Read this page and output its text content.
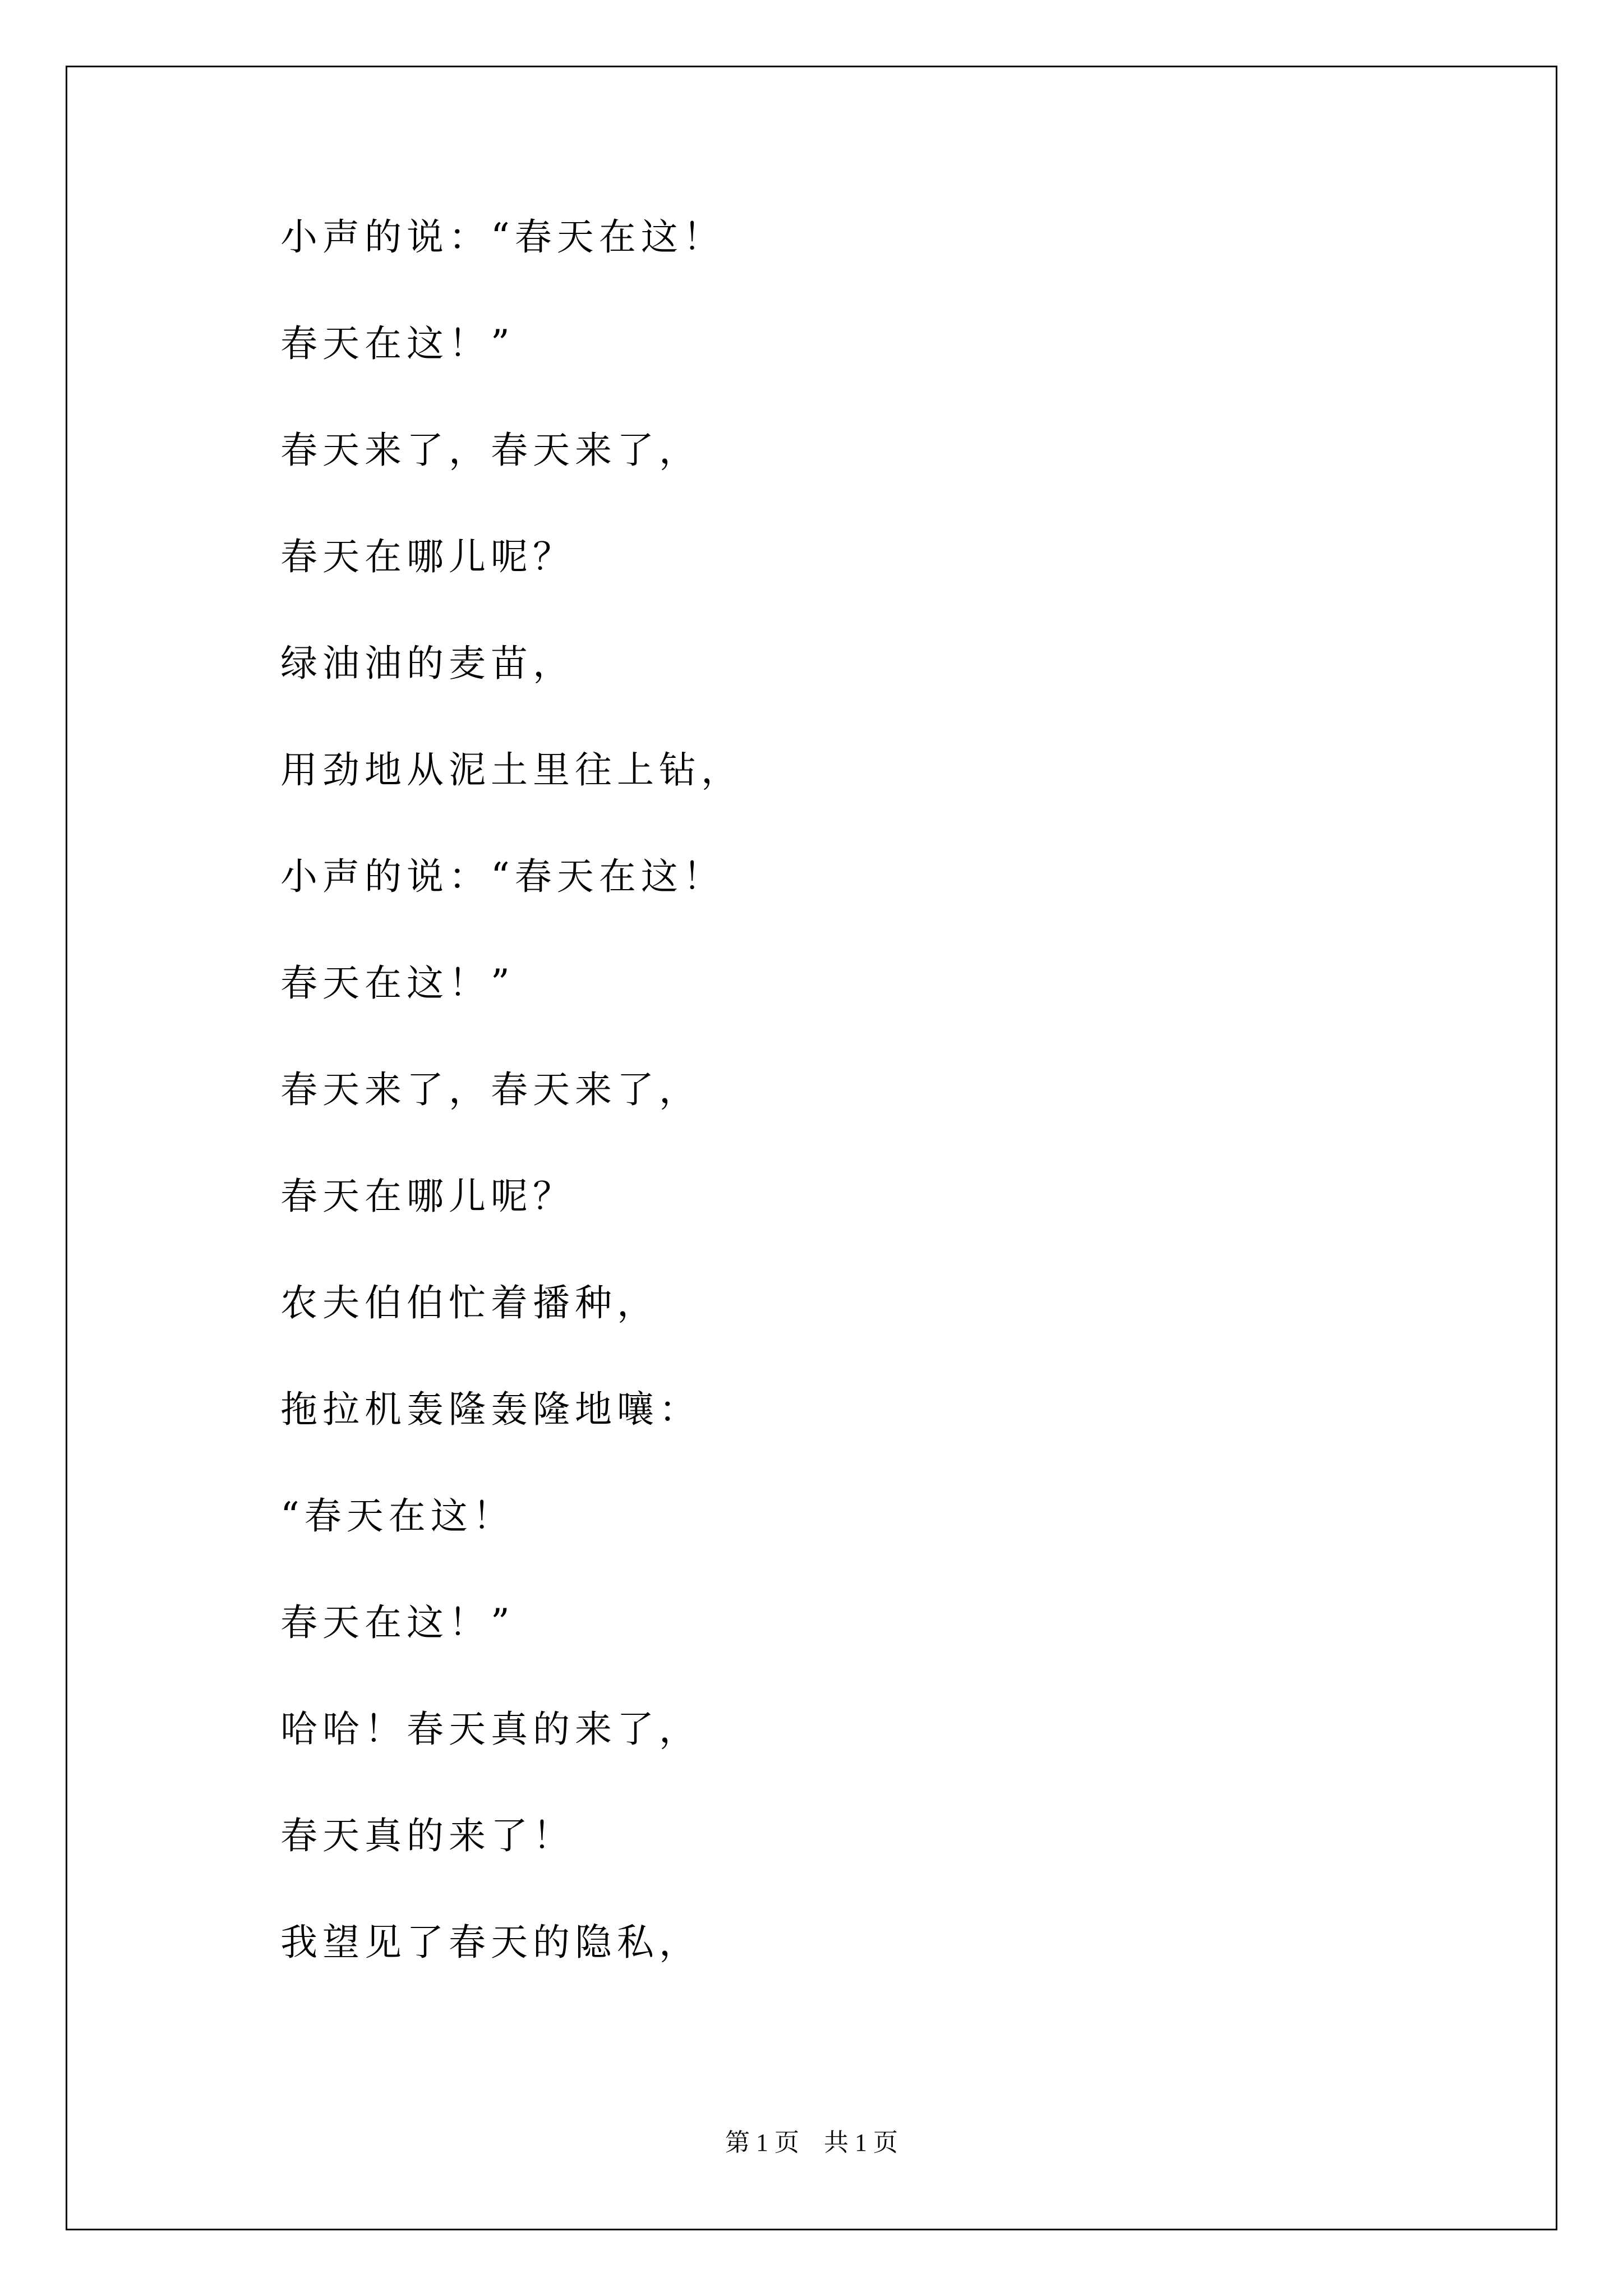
小声的说：“春天在这！
春天在这！”
春天来了，春天来了，
春天在哪儿呢？
绿油油的麦苗，
用劲地从泥土里往上钻，
小声的说：“春天在这！
春天在这！”
春天来了，春天来了，
春天在哪儿呢？
农夫伯伯忙着播种，
拖拉机轰隆轰隆地嚷：
“春天在这！
春天在这！”
哈哈！春天真的来了，
春天真的来了！
我望见了春天的隐私，
第 1 页 共 1 页
